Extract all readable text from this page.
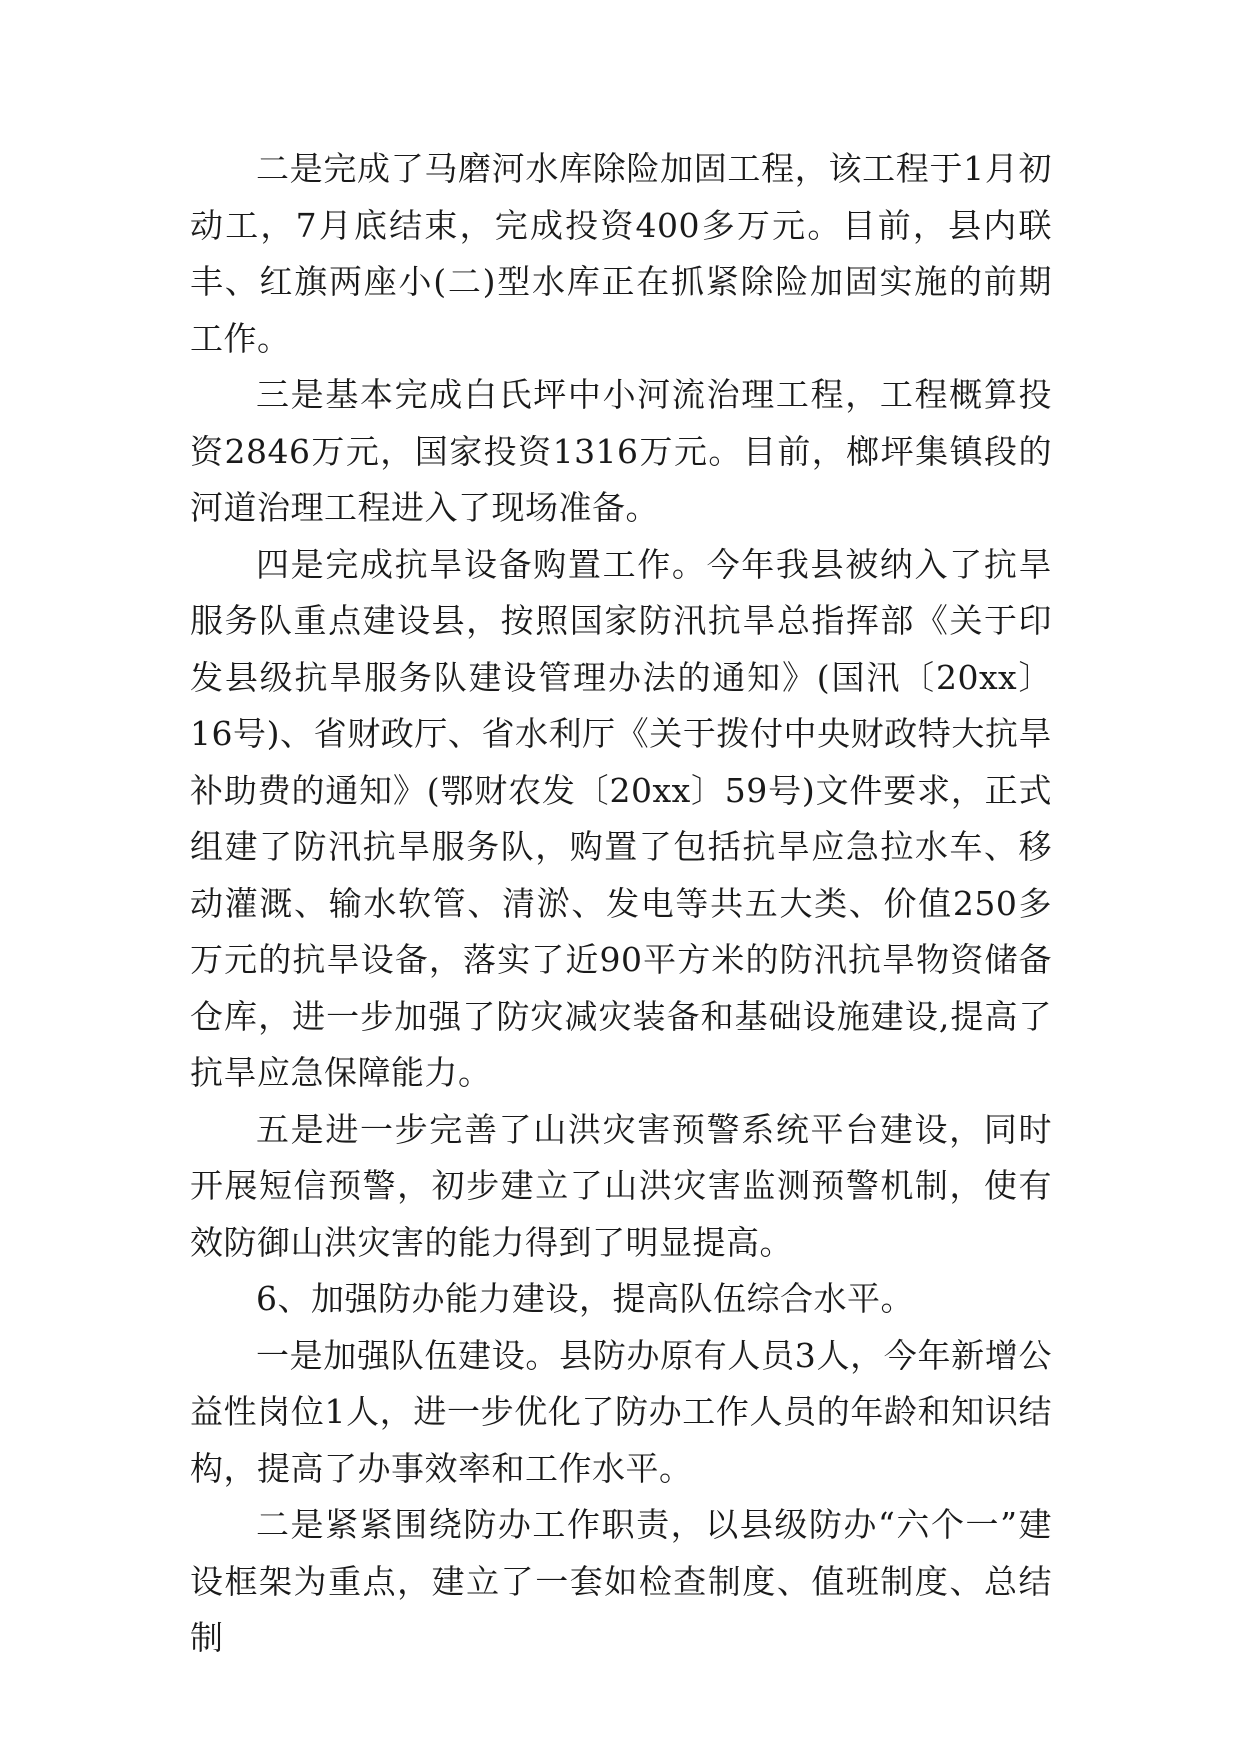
二是完成了马磨河水库除险加固工程，该工程于1月初动工，7月底结束，完成投资400多万元。目前，县内联丰、红旗两座小(二)型水库正在抓紧除险加固实施的前期工作。

三是基本完成白氏坪中小河流治理工程，工程概算投资2846万元，国家投资1316万元。目前，榔坪集镇段的河道治理工程进入了现场准备。

四是完成抗旱设备购置工作。今年我县被纳入了抗旱服务队重点建设县，按照国家防汛抗旱总指挥部《关于印发县级抗旱服务队建设管理办法的通知》(国汛〔20xx〕16号)、省财政厅、省水利厅《关于拨付中央财政特大抗旱补助费的通知》(鄂财农发〔20xx〕59号)文件要求，正式组建了防汛抗旱服务队，购置了包括抗旱应急拉水车、移动灌溉、输水软管、清淤、发电等共五大类、价值250多万元的抗旱设备，落实了近90平方米的防汛抗旱物资储备仓库，进一步加强了防灾减灾装备和基础设施建设,提高了抗旱应急保障能力。

五是进一步完善了山洪灾害预警系统平台建设，同时开展短信预警，初步建立了山洪灾害监测预警机制，使有效防御山洪灾害的能力得到了明显提高。

6、加强防办能力建设，提高队伍综合水平。

一是加强队伍建设。县防办原有人员3人，今年新增公益性岗位1人，进一步优化了防办工作人员的年龄和知识结构，提高了办事效率和工作水平。

二是紧紧围绕防办工作职责，以县级防办“六个一”建设框架为重点，建立了一套如检查制度、值班制度、总结制
